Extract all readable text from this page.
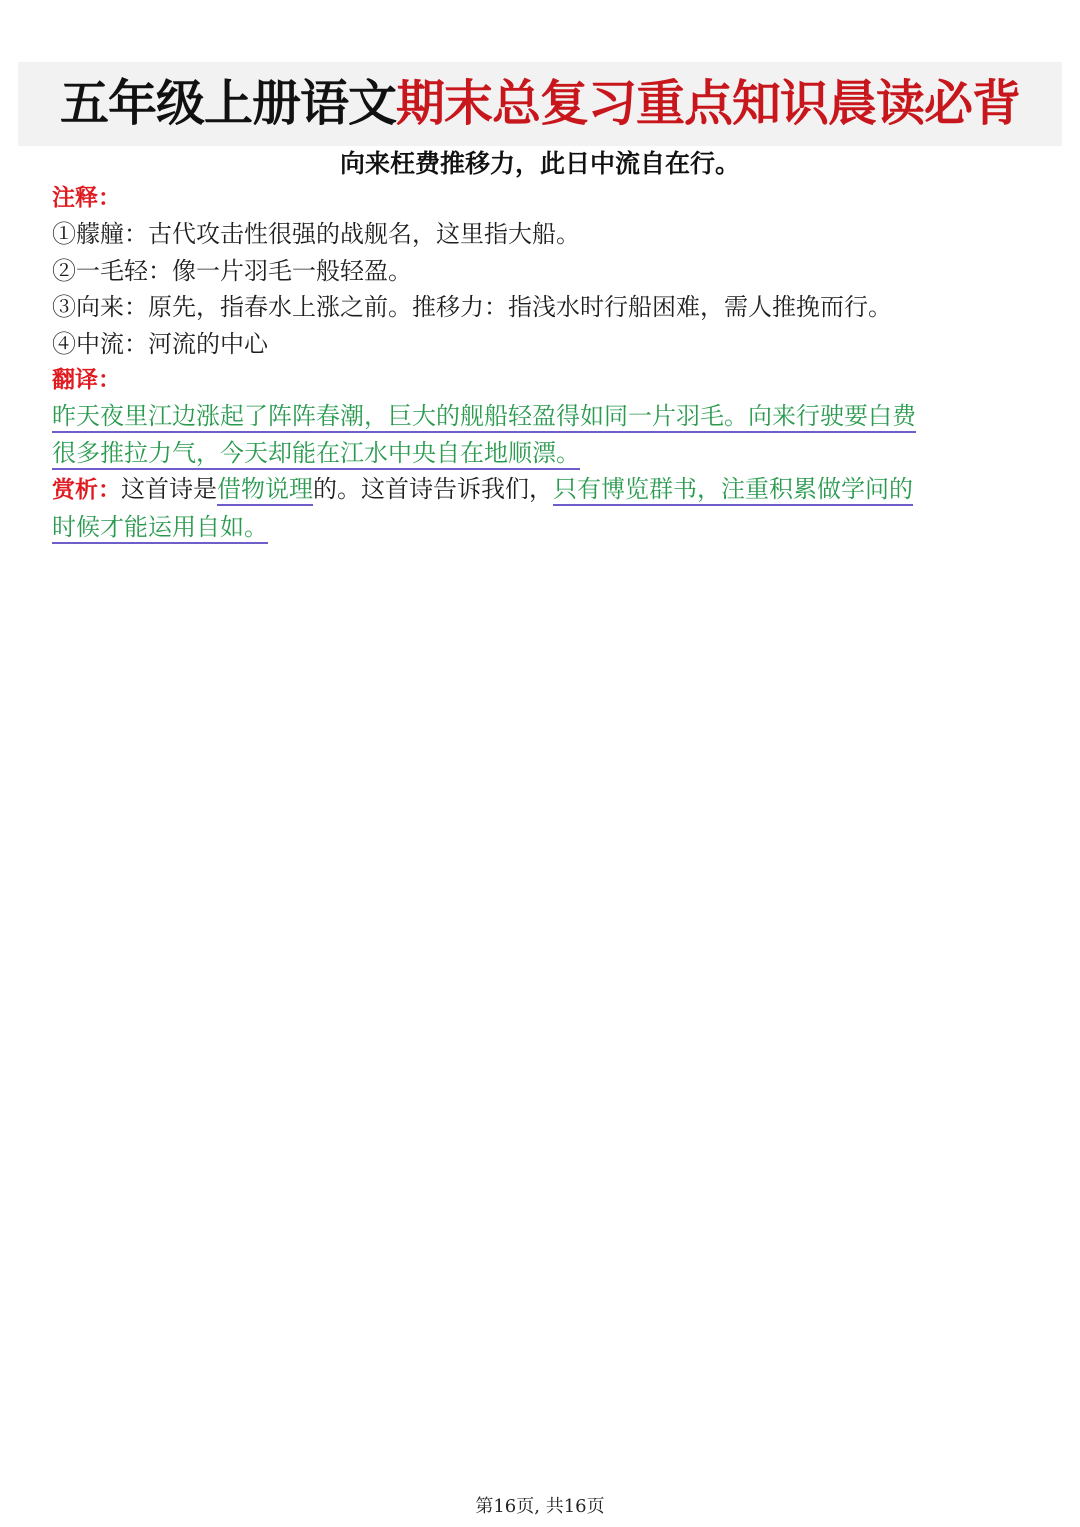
五年级上册语文期末总复习重点知识晨读必背
向来枉费推移力，此日中流自在行。
注释：
①艨艟：古代攻击性很强的战舰名，这里指大船。
②一毛轻：像一片羽毛一般轻盈。
③向来：原先，指春水上涨之前。推移力：指浅水时行船困难，需人推挽而行。
④中流：河流的中心
翻译：
昨天夜里江边涨起了阵阵春潮，巨大的舰船轻盈得如同一片羽毛。向来行驶要白费
很多推拉力气，今天却能在江水中央自在地顺漂。
赏析：这首诗是借物说理的。这首诗告诉我们，只有博览群书，注重积累做学问的
时候才能运用自如。
第16页, 共16页
